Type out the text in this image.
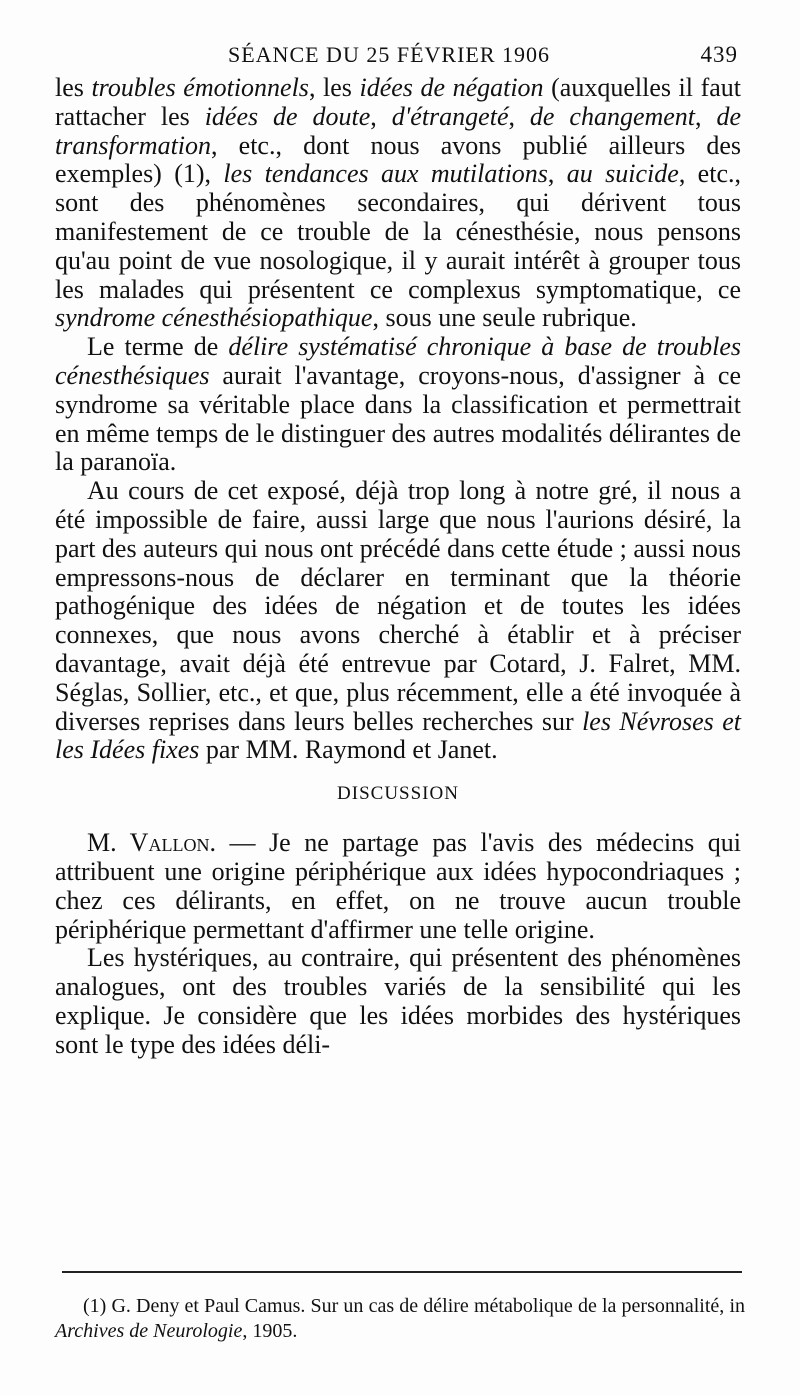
SÉANCE DU 25 FÉVRIER 1906	439

les troubles émotionnels, les idées de négation (auxquelles il faut rattacher les idées de doute, d'étrangeté, de changement, de transformation, etc., dont nous avons publié ailleurs des exemples) (1), les tendances aux mutilations, au suicide, etc., sont des phénomènes secondaires, qui dérivent tous manifestement de ce trouble de la cénesthésie, nous pensons qu'au point de vue nosologique, il y aurait intérêt à grouper tous les malades qui présentent ce complexus symptomatique, ce syndrome cénesthésiopathique, sous une seule rubrique.

Le terme de délire systématisé chronique à base de troubles cénesthésiques aurait l'avantage, croyons-nous, d'assigner à ce syndrome sa véritable place dans la classification et permettrait en même temps de le distinguer des autres modalités délirantes de la paranoïa.

Au cours de cet exposé, déjà trop long à notre gré, il nous a été impossible de faire, aussi large que nous l'aurions désiré, la part des auteurs qui nous ont précédé dans cette étude ; aussi nous empressons-nous de déclarer en terminant que la théorie pathogénique des idées de négation et de toutes les idées connexes, que nous avons cherché à établir et à préciser davantage, avait déjà été entrevue par Cotard, J. Falret, MM. Séglas, Sollier, etc., et que, plus récemment, elle a été invoquée à diverses reprises dans leurs belles recherches sur les Névroses et les Idées fixes par MM. Raymond et Janet.

DISCUSSION

M. Vallon. — Je ne partage pas l'avis des médecins qui attribuent une origine périphérique aux idées hypocondriaques ; chez ces délirants, en effet, on ne trouve aucun trouble périphérique permettant d'affirmer une telle origine.

Les hystériques, au contraire, qui présentent des phénomènes analogues, ont des troubles variés de la sensibilité qui les explique. Je considère que les idées morbides des hystériques sont le type des idées déli-

(1) G. Deny et Paul Camus. Sur un cas de délire métabolique de la personnalité, in Archives de Neurologie, 1905.
